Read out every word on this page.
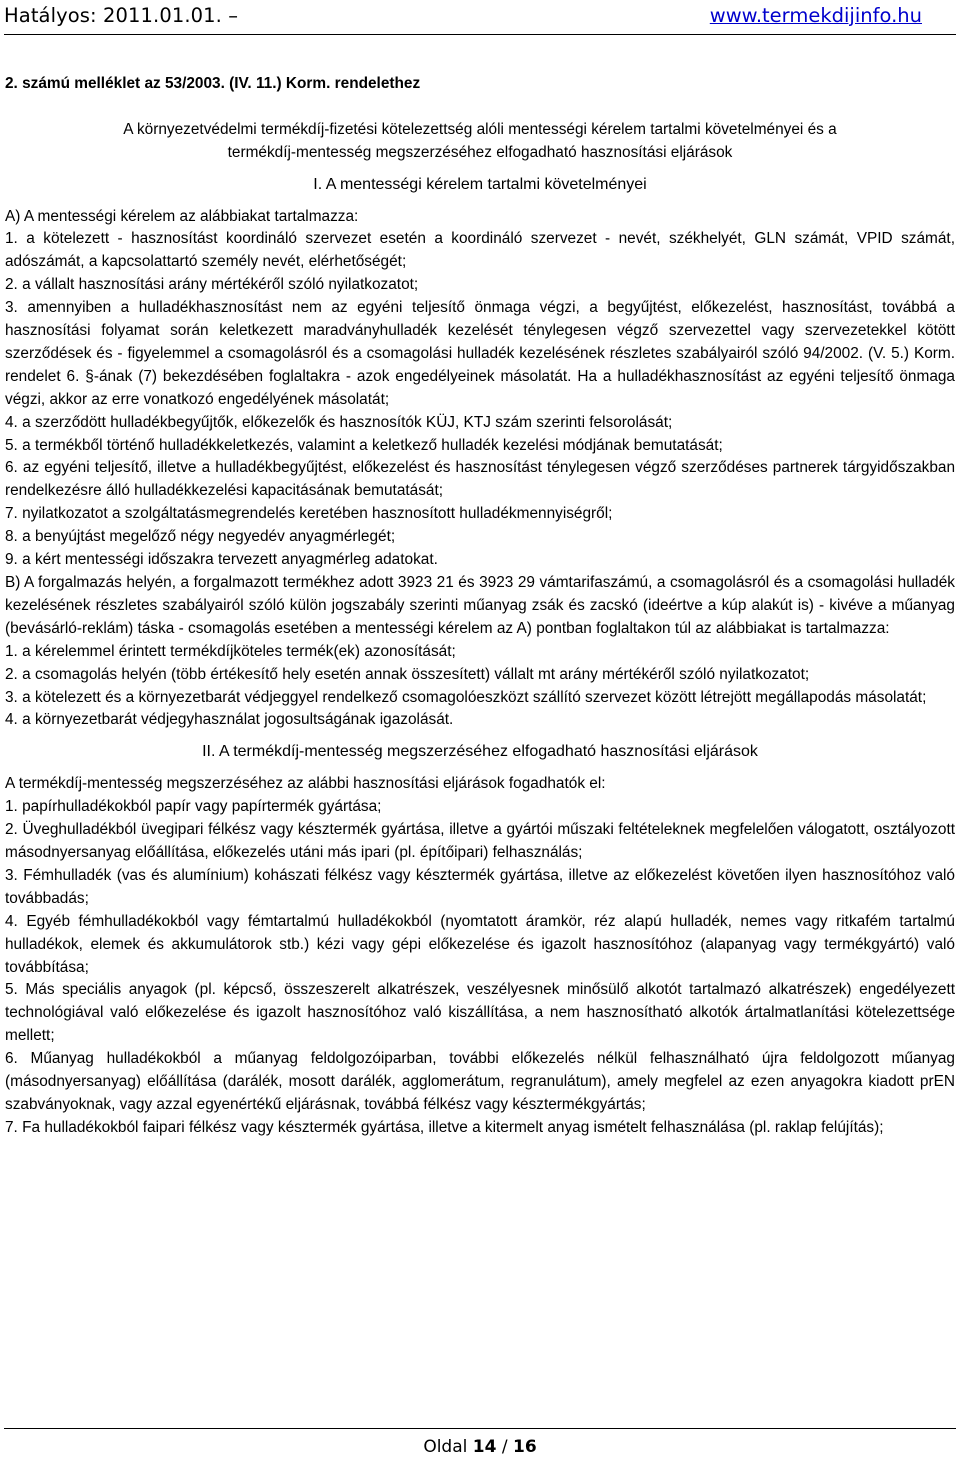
Hatályos: 2011.01.01. –	www.termekdijinfo.hu

2. számú melléklet az 53/2003. (IV. 11.) Korm. rendelethez

A környezetvédelmi termékdíj-fizetési kötelezettség alóli mentességi kérelem tartalmi követelményei és a

termékdíj-mentesség megszerzéséhez elfogadható hasznosítási eljárások

I. A mentességi kérelem tartalmi követelményei

A) A mentességi kérelem az alábbiakat tartalmazza:

1. a kötelezett - hasznosítást koordináló szervezet esetén a koordináló szervezet - nevét, székhelyét, GLN számát, VPID számát, adószámát, a kapcsolattartó személy nevét, elérhetőségét;

2. a vállalt hasznosítási arány mértékéről szóló nyilatkozatot;

3. amennyiben a hulladékhasznosítást nem az egyéni teljesítő önmaga végzi, a begyűjtést, előkezelést, hasznosítást, továbbá a hasznosítási folyamat során keletkezett maradványhulladék kezelését ténylegesen végző szervezettel vagy szervezetekkel kötött szerződések és - figyelemmel a csomagolásról és a csomagolási hulladék kezelésének részletes szabályairól szóló 94/2002. (V. 5.) Korm. rendelet 6. §-ának (7) bekezdésében foglaltakra - azok engedélyeinek másolatát. Ha a hulladékhasznosítást az egyéni teljesítő önmaga végzi, akkor az erre vonatkozó engedélyének másolatát;

4. a szerződött hulladékbegyűjtők, előkezelők és hasznosítók KÜJ, KTJ szám szerinti felsorolását;

5. a termékből történő hulladékkeletkezés, valamint a keletkező hulladék kezelési módjának bemutatását;

6. az egyéni teljesítő, illetve a hulladékbegyűjtést, előkezelést és hasznosítást ténylegesen végző szerződéses partnerek tárgyidőszakban rendelkezésre álló hulladékkezelési kapacitásának bemutatását;

7. nyilatkozatot a szolgáltatásmegrendelés keretében hasznosított hulladékmennyiségről;

8. a benyújtást megelőző négy negyedév anyagmérlegét;

9. a kért mentességi időszakra tervezett anyagmérleg adatokat.

B) A forgalmazás helyén, a forgalmazott termékhez adott 3923 21 és 3923 29 vámtarifaszámú, a csomagolásról és a csomagolási hulladék kezelésének részletes szabályairól szóló külön jogszabály szerinti műanyag zsák és zacskó (ideértve a kúp alakút is) - kivéve a műanyag (bevásárló-reklám) táska - csomagolás esetében a mentességi kérelem az A) pontban foglaltakon túl az alábbiakat is tartalmazza:

1. a kérelemmel érintett termékdíjköteles termék(ek) azonosítását;

2. a csomagolás helyén (több értékesítő hely esetén annak összesített) vállalt mt arány mértékéről szóló nyilatkozatot;

3. a kötelezett és a környezetbarát védjeggyel rendelkező csomagolóeszközt szállító szervezet között létrejött megállapodás másolatát;

4. a környezetbarát védjegyhasználat jogosultságának igazolását.

II. A termékdíj-mentesség megszerzéséhez elfogadható hasznosítási eljárások

A termékdíj-mentesség megszerzéséhez az alábbi hasznosítási eljárások fogadhatók el:

1. papírhulladékokból papír vagy papírtermék gyártása;

2. Üveghulladékból üvegipari félkész vagy késztermék gyártása, illetve a gyártói műszaki feltételeknek megfelelően válogatott, osztályozott másodnyersanyag előállítása, előkezelés utáni más ipari (pl. építőipari) felhasználás;

3. Fémhulladék (vas és alumínium) kohászati félkész vagy késztermék gyártása, illetve az előkezelést követően ilyen hasznosítóhoz való továbbadás;

4. Egyéb fémhulladékokból vagy fémtartalmú hulladékokból (nyomtatott áramkör, réz alapú hulladék, nemes vagy ritkafém tartalmú hulladékok, elemek és akkumulátorok stb.) kézi vagy gépi előkezelése és igazolt hasznosítóhoz (alapanyag vagy termékgyártó) való továbbítása;

5. Más speciális anyagok (pl. képcső, összeszerelt alkatrészek, veszélyesnek minősülő alkotót tartalmazó alkatrészek) engedélyezett technológiával való előkezelése és igazolt hasznosítóhoz való kiszállítása, a nem hasznosítható alkotók ártalmatlanítási kötelezettsége mellett;

6. Műanyag hulladékokból a műanyag feldolgozóiparban, további előkezelés nélkül felhasználható újra feldolgozott műanyag (másodnyersanyag) előállítása (darálék, mosott darálék, agglomerátum, regranulátum), amely megfelel az ezen anyagokra kiadott prEN szabványoknak, vagy azzal egyenértékű eljárásnak, továbbá félkész vagy késztermékgyártás;

7. Fa hulladékokból faipari félkész vagy késztermék gyártása, illetve a kitermelt anyag ismételt felhasználása (pl. raklap felújítás);

Oldal 14 / 16
